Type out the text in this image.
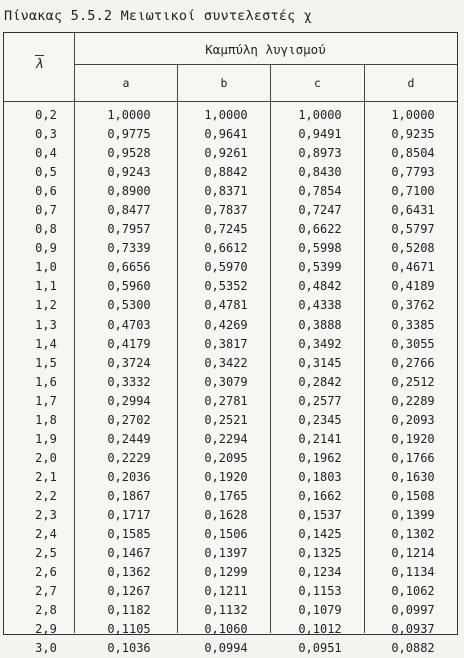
Πίνακας 5.5.2 Μειωτικοί συντελεστές χ
Καμπύλη λυγισμού
λ
a	b	c	d
0,2	1,0000	1,0000	1,0000	1,0000
0,3	0,9775	0,9641	0,9491	0,9235
0,4	0,9528	0,9261	0,8973	0,8504
0,5	0,9243	0,8842	0,8430	0,7793
0,6	0,8900	0,8371	0,7854	0,7100
0,7	0,8477	0,7837	0,7247	0,6431
0,8	0,7957	0,7245	0,6622	0,5797
0,9	0,7339	0,6612	0,5998	0,5208
1,0	0,6656	0,5970	0,5399	0,4671
1,1	0,5960	0,5352	0,4842	0,4189
1,2	0,5300	0,4781	0,4338	0,3762
1,3	0,4703	0,4269	0,3888	0,3385
1,4	0,4179	0,3817	0,3492	0,3055
1,5	0,3724	0,3422	0,3145	0,2766
1,6	0,3332	0,3079	0,2842	0,2512
1,7	0,2994	0,2781	0,2577	0,2289
1,8	0,2702	0,2521	0,2345	0,2093
1,9	0,2449	0,2294	0,2141	0,1920
2,0	0,2229	0,2095	0,1962	0,1766
2,1	0,2036	0,1920	0,1803	0,1630
2,2	0,1867	0,1765	0,1662	0,1508
2,3	0,1717	0,1628	0,1537	0,1399
2,4	0,1585	0,1506	0,1425	0,1302
2,5	0,1467	0,1397	0,1325	0,1214
2,6	0,1362	0,1299	0,1234	0,1134
2,7	0,1267	0,1211	0,1153	0,1062
2,8	0,1182	0,1132	0,1079	0,0997
2,9	0,1105	0,1060	0,1012	0,0937
3,0	0,1036	0,0994	0,0951	0,0882
